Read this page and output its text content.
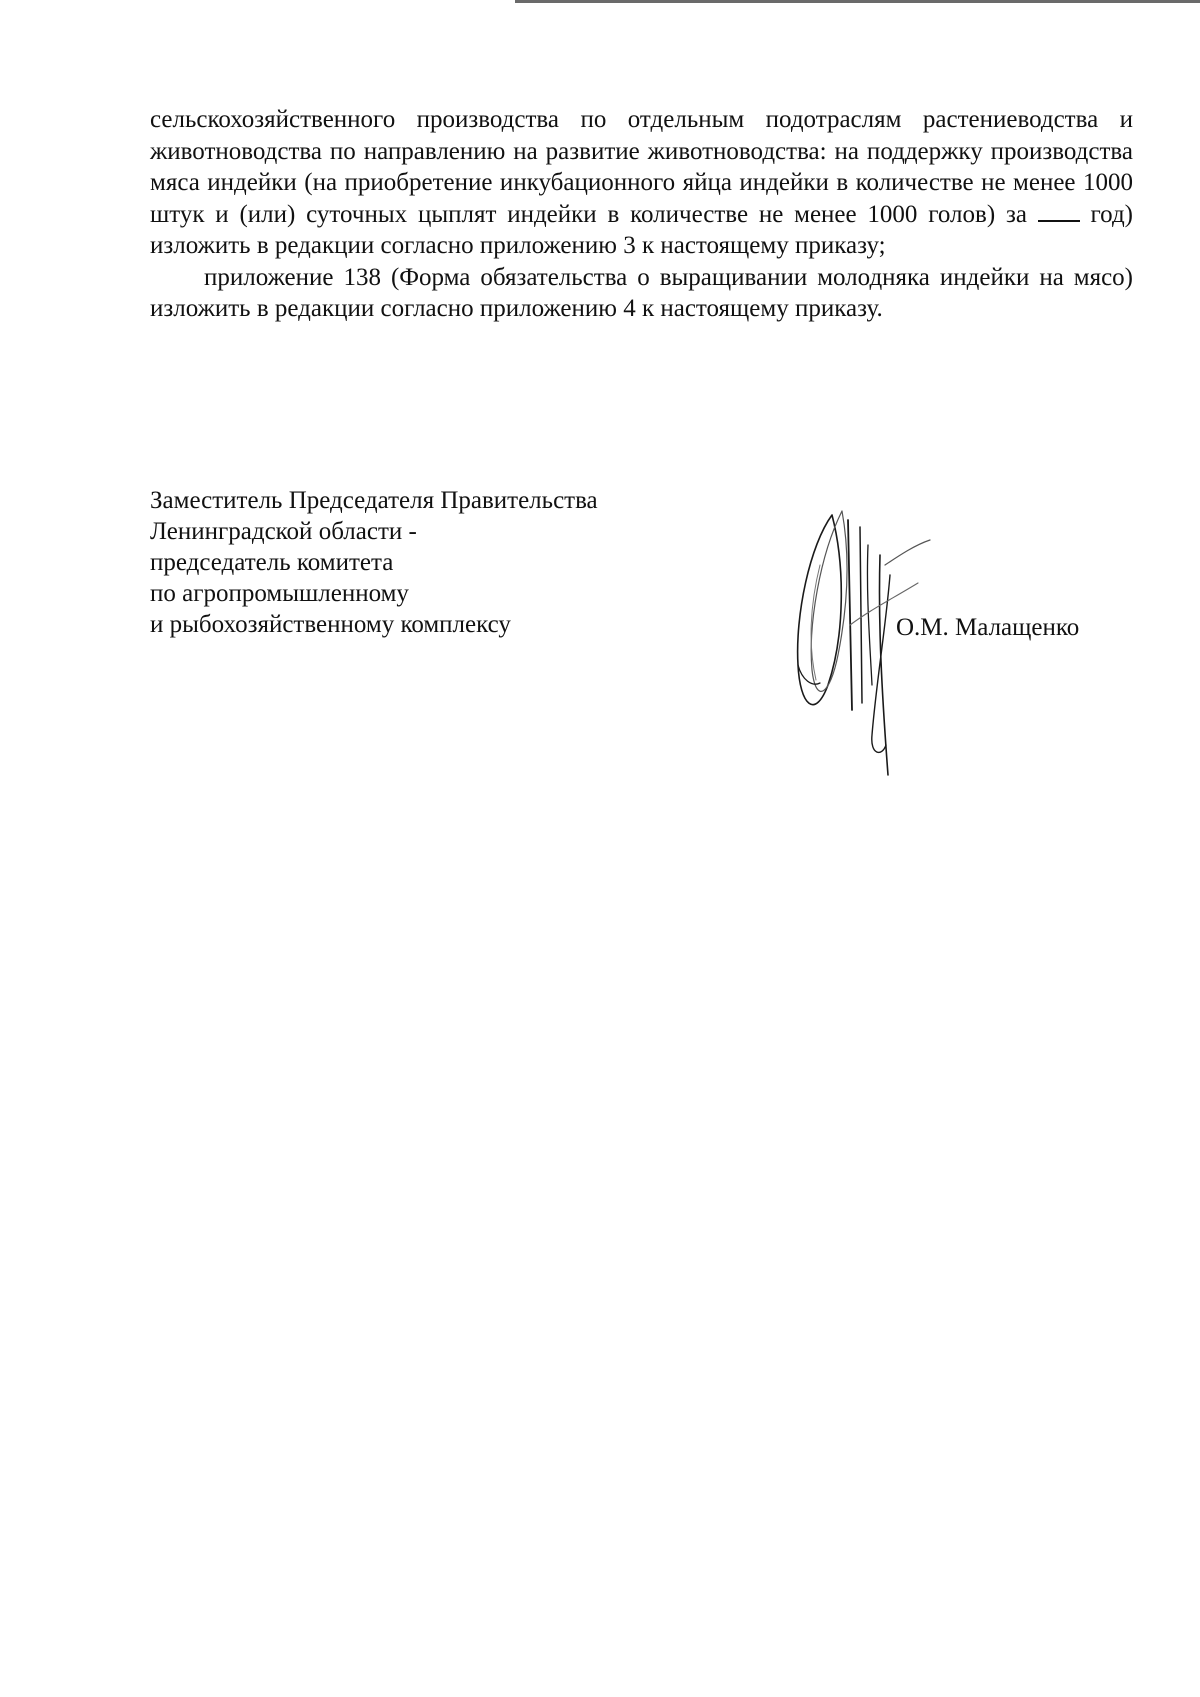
сельскохозяйственного производства по отдельным подотраслям растениеводства и животноводства по направлению на развитие животноводства: на поддержку производства мяса индейки (на приобретение инкубационного яйца индейки в количестве не менее 1000 штук и (или) суточных цыплят индейки в количестве не менее 1000 голов) за	год) изложить в редакции согласно приложению 3 к настоящему приказу;

приложение 138 (Форма обязательства о выращивании молодняка индейки на мясо) изложить в редакции согласно приложению 4 к настоящему приказу.

Заместитель Председателя Правительства
Ленинградской области -
председатель комитета
по агропромышленному
и рыбохозяйственному комплексу	О.М. Малащенко
